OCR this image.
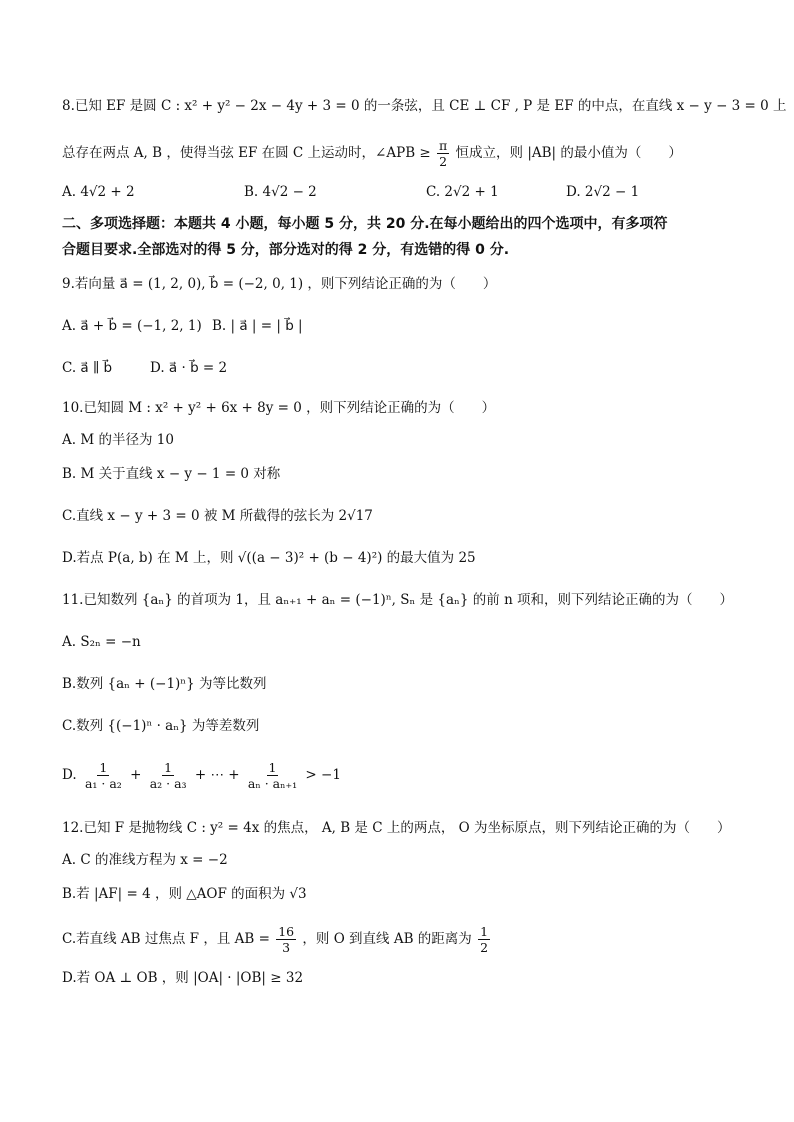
8.已知 EF 是圆 C : x² + y² − 2x − 4y + 3 = 0 的一条弦，且 CE ⊥ CF , P 是 EF 的中点，在直线 x − y − 3 = 0 上
总存在两点 A, B ，使得当弦 EF 在圆 C 上运动时，∠APB ≥ $\frac{\pi}{2}$ 恒成立，则 |AB| 的最小值为（　　）
A. 4√2 + 2	B. 4√2 − 2	C. 2√2 + 1	D. 2√2 − 1
二、多项选择题：本题共 4 小题，每小题 5 分，共 20 分.在每小题给出的四个选项中，有多项符
合题目要求.全部选对的得 5 分，部分选对的得 2 分，有选错的得 0 分.
9.若向量 a⃗ = (1, 2, 0), b⃗ = (−2, 0, 1) ，则下列结论正确的为（　　）
A. a⃗ + b⃗ = (−1, 2, 1) B. | a⃗ | = | b⃗ |
C. a⃗ ∥ b⃗	D. a⃗ · b⃗ = 2
10.已知圆 M : x² + y² + 6x + 8y = 0 ，则下列结论正确的为（　　）
A. M 的半径为 10
B. M 关于直线 x − y − 1 = 0 对称
C.直线 x − y + 3 = 0 被 M 所截得的弦长为 2√17
D.若点 P(a, b) 在 M 上，则 √((a − 3)² + (b − 4)²) 的最大值为 25
11.已知数列 {aₙ} 的首项为 1，且 aₙ₊₁ + aₙ = (−1)ⁿ, Sₙ 是 {aₙ} 的前 n 项和，则下列结论正确的为（　　）
A. S₂ₙ = −n
B.数列 {aₙ + (−1)ⁿ} 为等比数列
C.数列 {(−1)ⁿ · aₙ} 为等差数列
D. $\frac{1}{\text{a₁ · a₂}} + \frac{1}{\text{a₂ · a₃}}$ + ⋯ + $\frac{1}{\text{aₙ · aₙ₊₁}} > -1$
12.已知 F 是抛物线 C : y² = 4x 的焦点， A, B 是 C 上的两点， O 为坐标原点，则下列结论正确的为（　　）
A. C 的准线方程为 x = −2
B.若 |AF| = 4 ，则 △AOF 的面积为 √3
C.若直线 AB 过焦点 F ，且 AB = $\frac{16}{3}$ ，则 O 到直线 AB 的距离为 $\frac{1}{2}$
D.若 OA ⊥ OB ，则 |OA| · |OB| ≥ 32
